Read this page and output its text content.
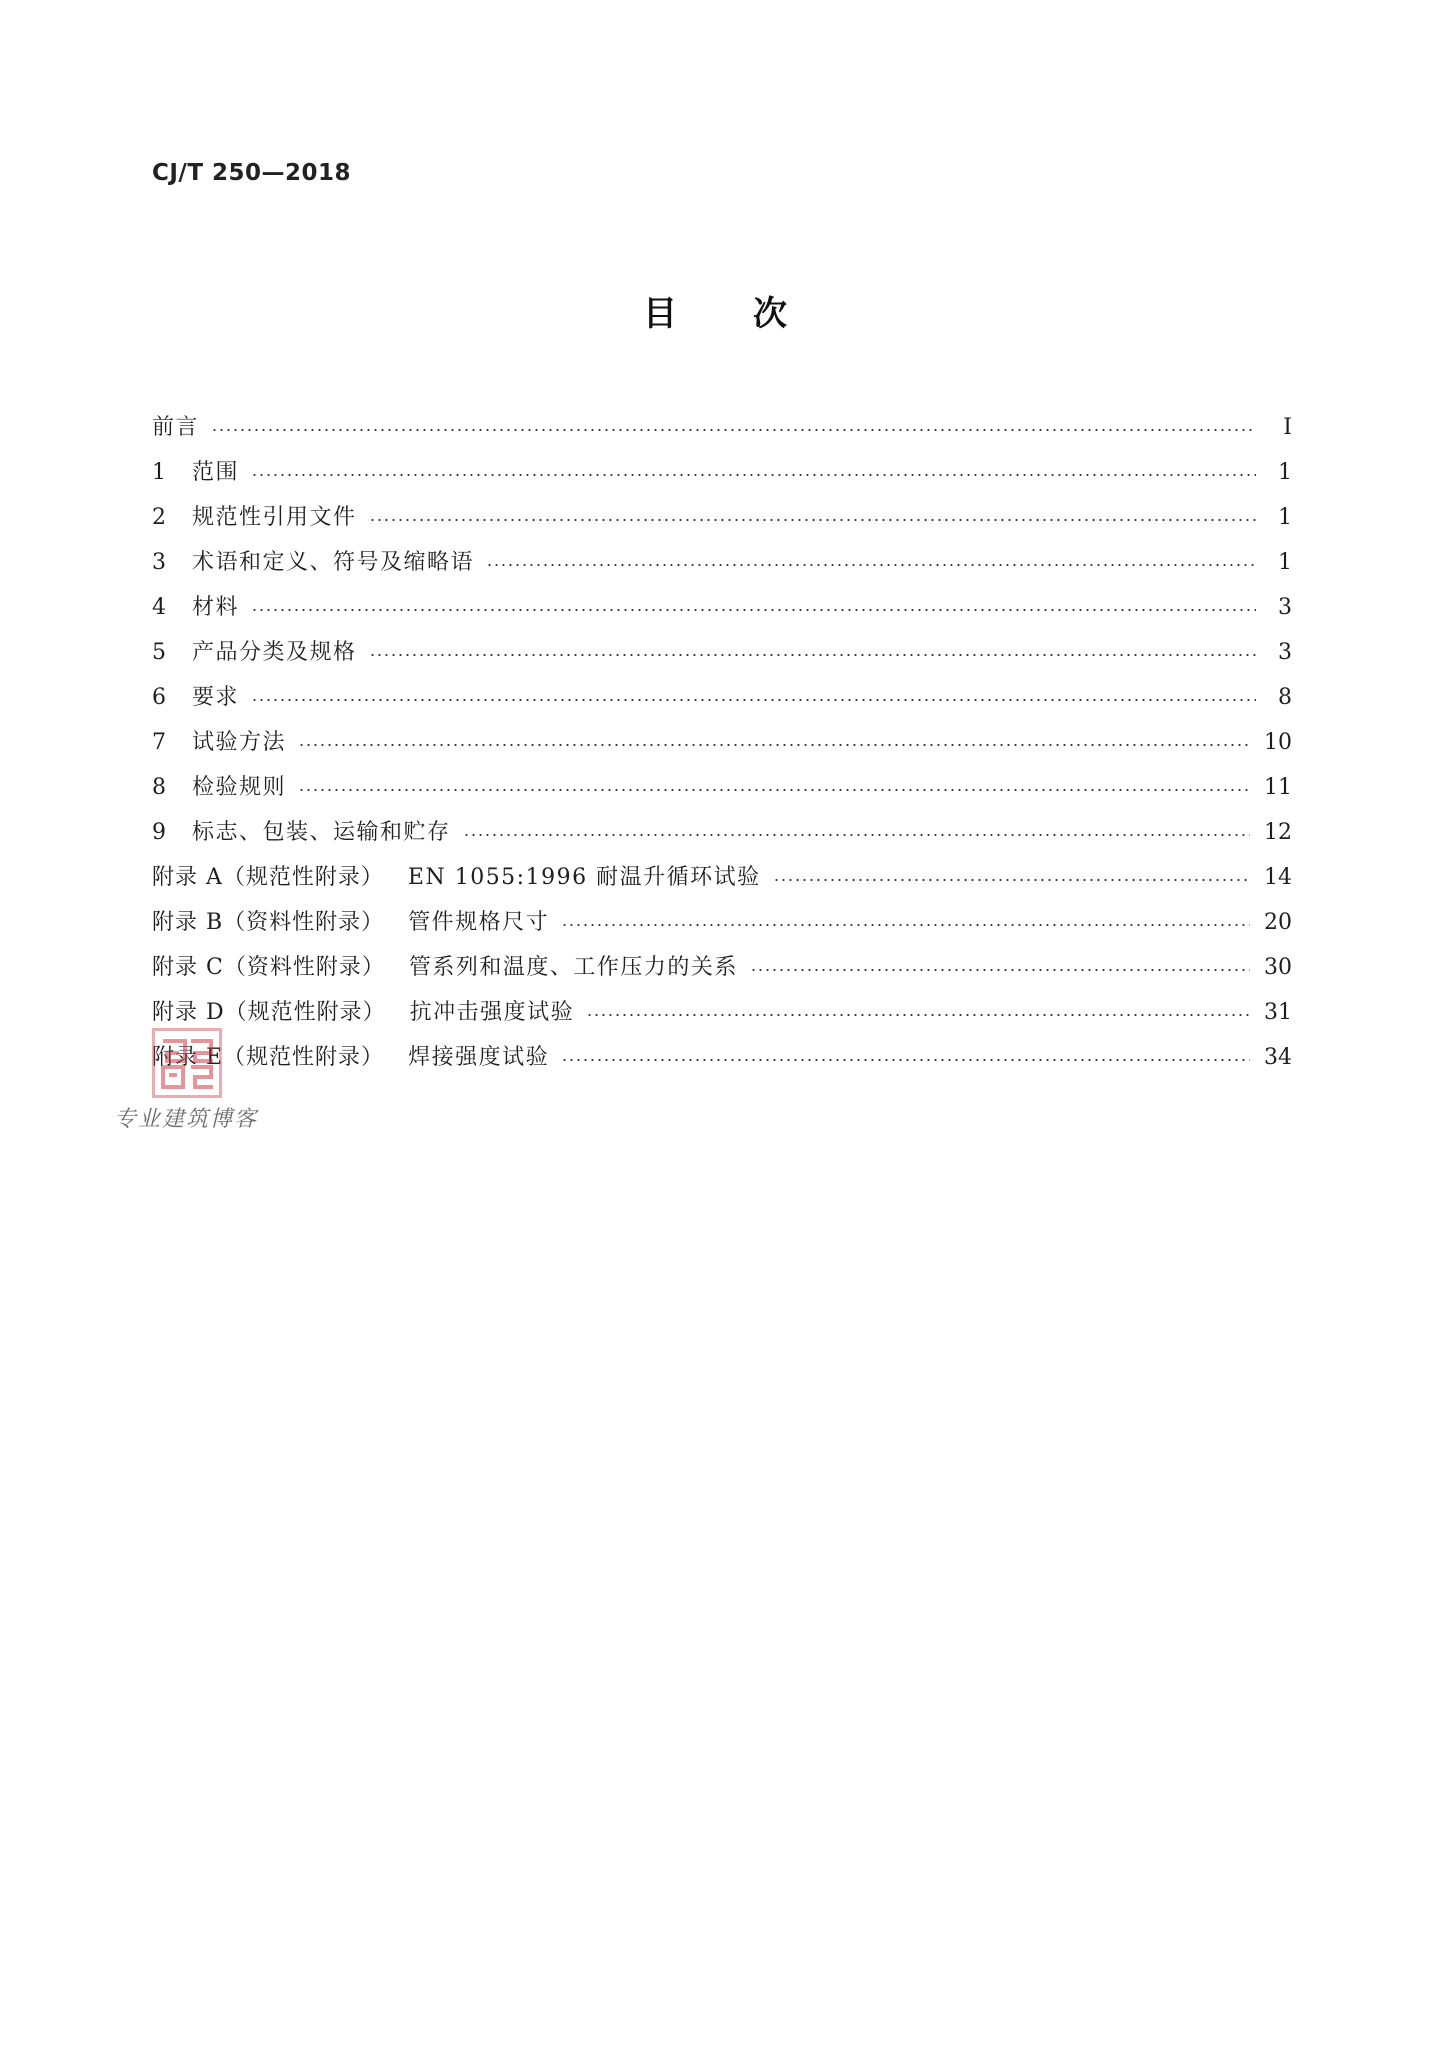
CJ/T 250—2018
目 次
前言	Ⅰ
1	范围	1
2	规范性引用文件	1
3	术语和定义、符号及缩略语	1
4	材料	3
5	产品分类及规格	3
6	要求	8
7	试验方法	10
8	检验规则	11
9	标志、包装、运输和贮存	12
附录 A（规范性附录） EN 1055:1996 耐温升循环试验	14
附录 B（资料性附录） 管件规格尺寸	20
附录 C（资料性附录） 管系列和温度、工作压力的关系	30
附录 D（规范性附录） 抗冲击强度试验	31
附录 E（规范性附录） 焊接强度试验	34
专业建筑博客
